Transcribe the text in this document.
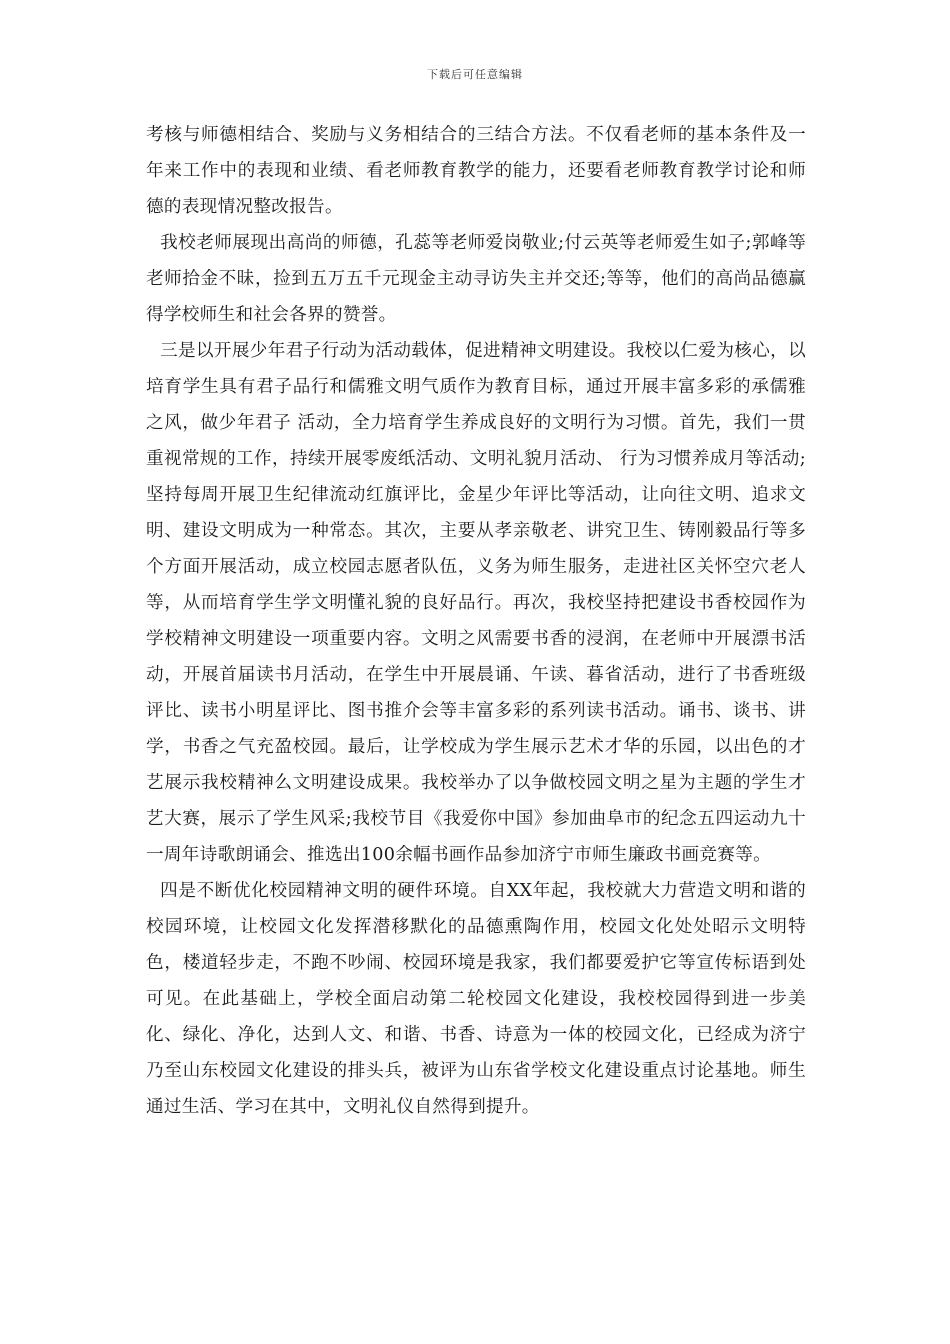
下载后可任意编辑

考核与师德相结合、奖励与义务相结合的三结合方法。不仅看老师的基本条件及一年来工作中的表现和业绩、看老师教育教学的能力，还要看老师教育教学讨论和师德的表现情况整改报告。

我校老师展现出高尚的师德，孔蕊等老师爱岗敬业;付云英等老师爱生如子;郭峰等老师拾金不昧，捡到五万五千元现金主动寻访失主并交还;等等，他们的高尚品德赢得学校师生和社会各界的赞誉。

三是以开展少年君子行动为活动载体，促进精神文明建设。我校以仁爱为核心，以培育学生具有君子品行和儒雅文明气质作为教育目标，通过开展丰富多彩的承儒雅之风，做少年君子 活动，全力培育学生养成良好的文明行为习惯。首先，我们一贯重视常规的工作，持续开展零废纸活动、文明礼貌月活动、 行为习惯养成月等活动;坚持每周开展卫生纪律流动红旗评比，金星少年评比等活动，让向往文明、追求文明、建设文明成为一种常态。其次，主要从孝亲敬老、讲究卫生、铸刚毅品行等多个方面开展活动，成立校园志愿者队伍，义务为师生服务，走进社区关怀空穴老人等，从而培育学生学文明懂礼貌的良好品行。再次，我校坚持把建设书香校园作为学校精神文明建设一项重要内容。文明之风需要书香的浸润，在老师中开展漂书活动，开展首届读书月活动，在学生中开展晨诵、午读、暮省活动，进行了书香班级评比、读书小明星评比、图书推介会等丰富多彩的系列读书活动。诵书、谈书、讲学，书香之气充盈校园。最后，让学校成为学生展示艺术才华的乐园，以出色的才艺展示我校精神么文明建设成果。我校举办了以争做校园文明之星为主题的学生才艺大赛，展示了学生风采;我校节目《我爱你中国》参加曲阜市的纪念五四运动九十一周年诗歌朗诵会、推选出100余幅书画作品参加济宁市师生廉政书画竞赛等。

四是不断优化校园精神文明的硬件环境。自XX年起，我校就大力营造文明和谐的校园环境，让校园文化发挥潜移默化的品德熏陶作用，校园文化处处昭示文明特色，楼道轻步走，不跑不吵闹、校园环境是我家，我们都要爱护它等宣传标语到处可见。在此基础上，学校全面启动第二轮校园文化建设，我校校园得到进一步美化、绿化、净化，达到人文、和谐、书香、诗意为一体的校园文化，已经成为济宁乃至山东校园文化建设的排头兵，被评为山东省学校文化建设重点讨论基地。师生通过生活、学习在其中，文明礼仪自然得到提升。
